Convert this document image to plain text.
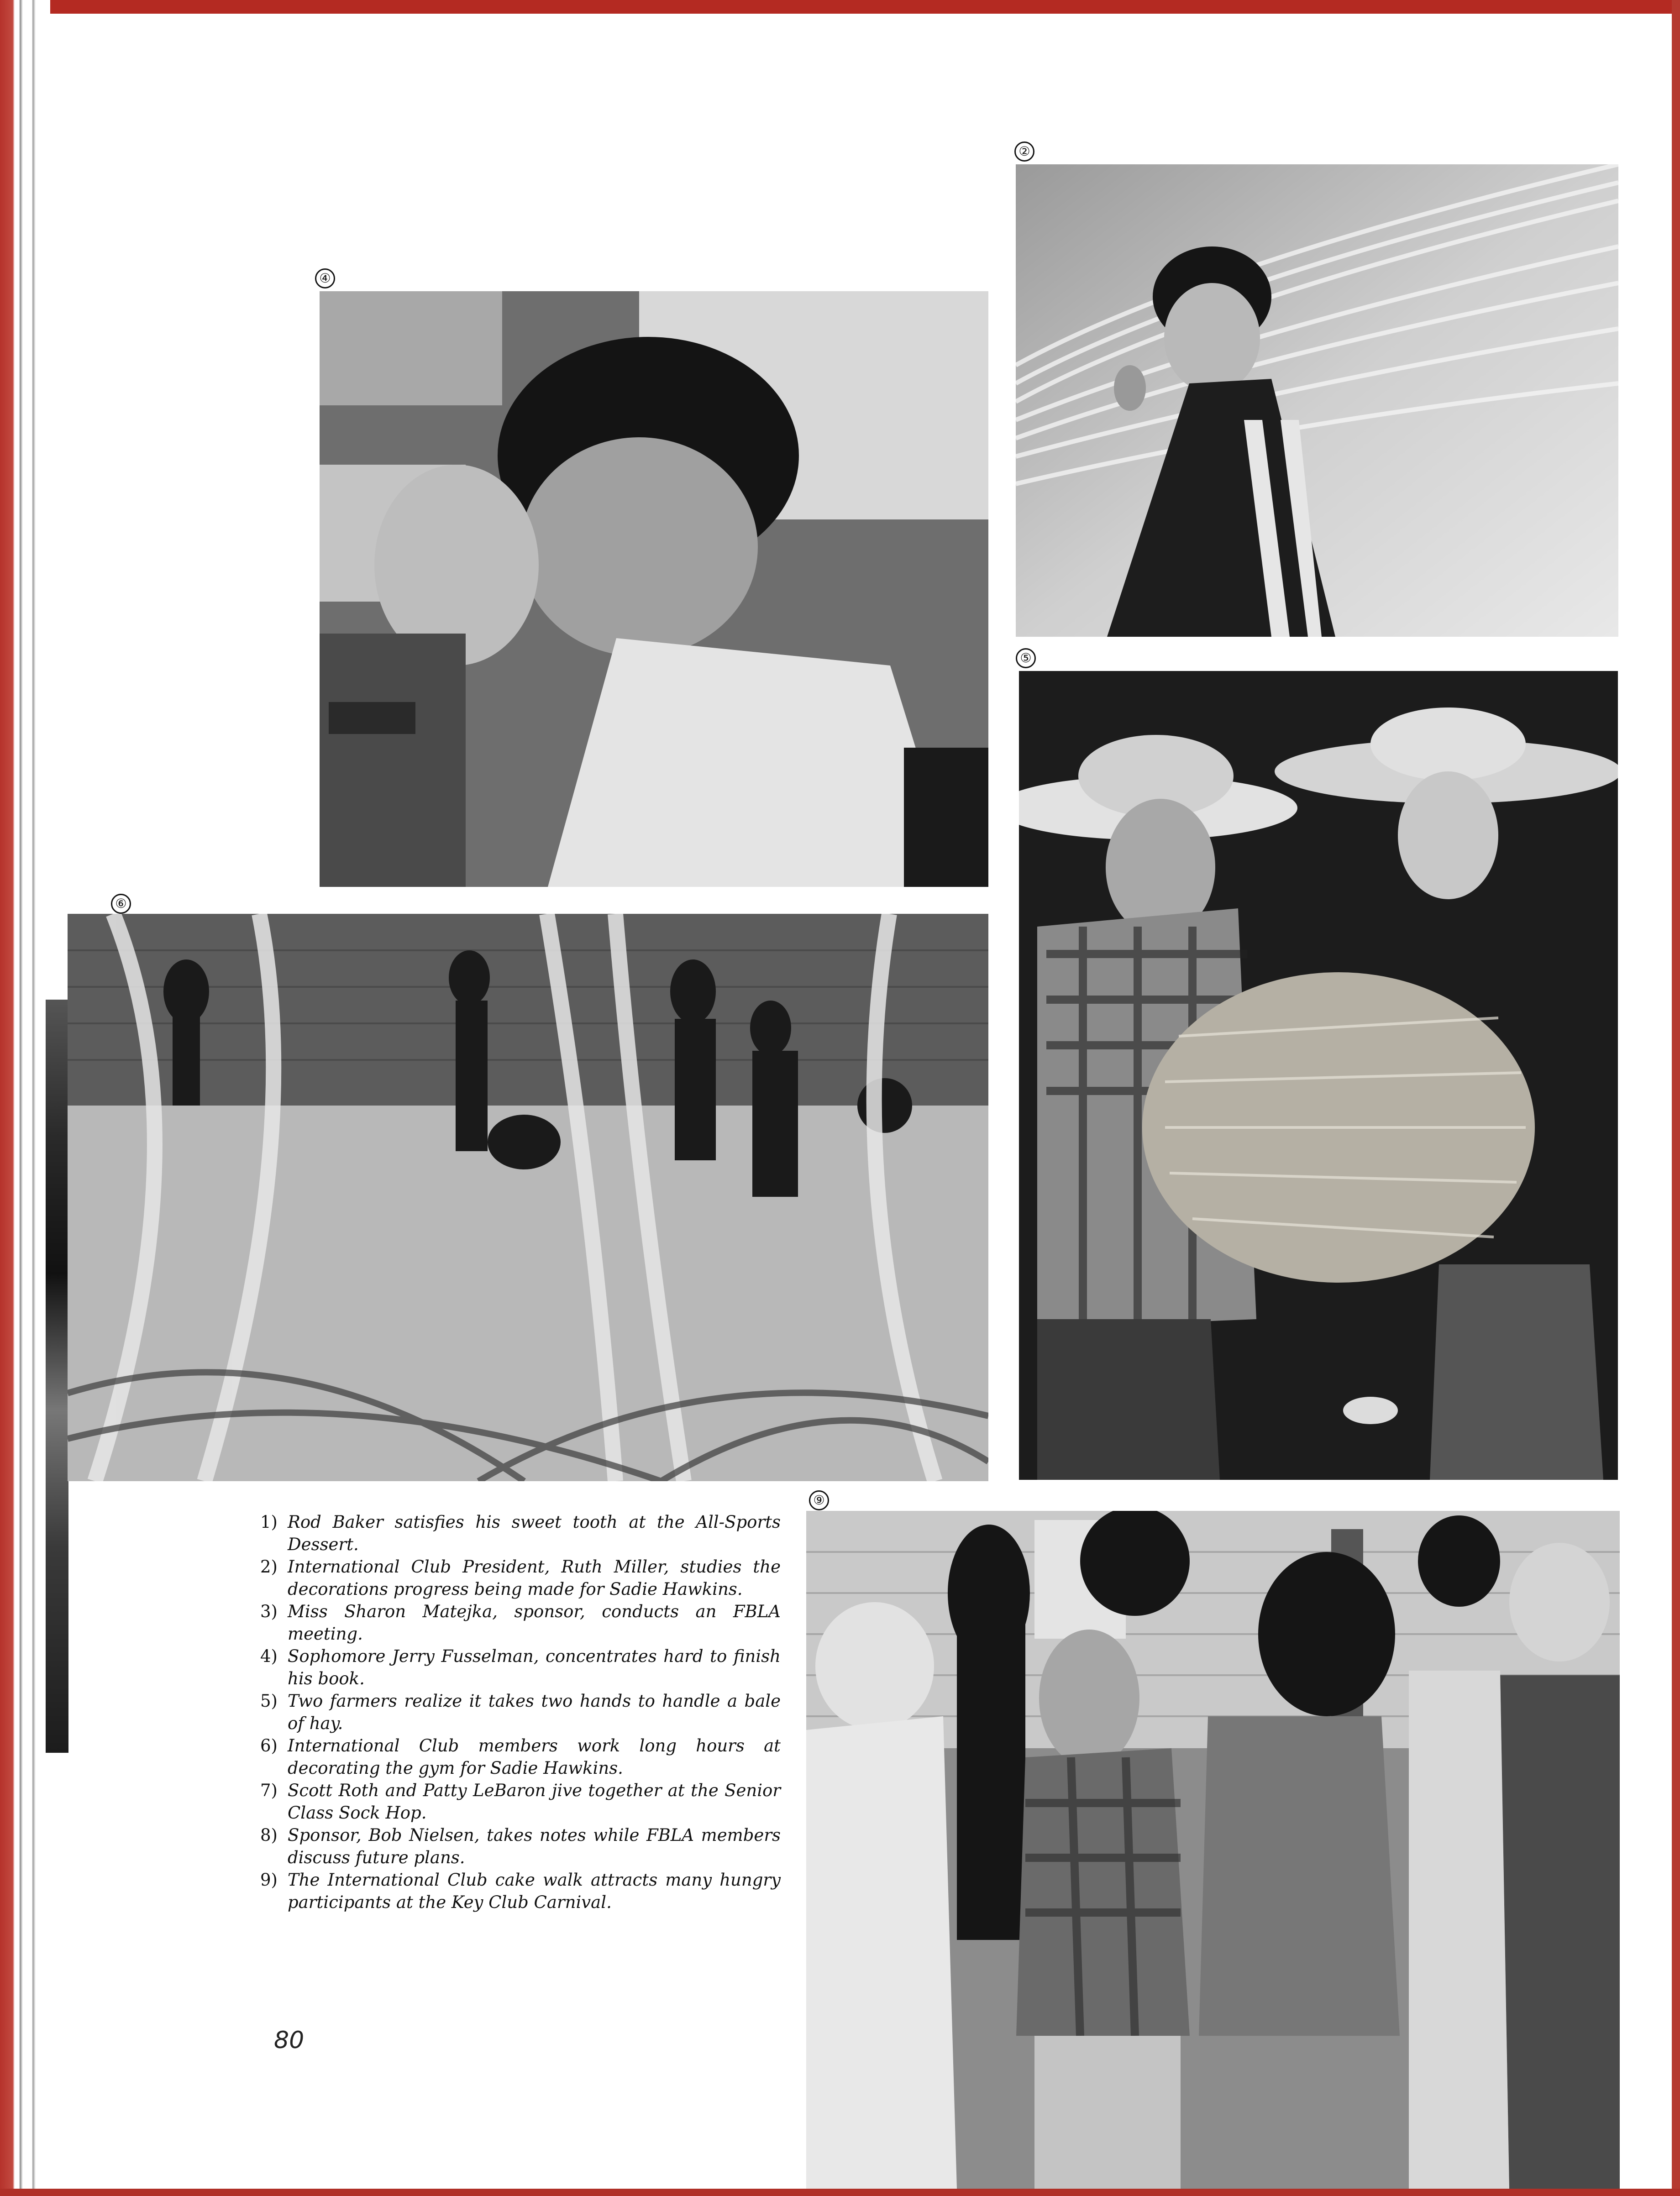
②
④
⑤
⑥
⑨
1) Rod Baker satisfies his sweet tooth at the All-Sports Dessert.
2) International Club President, Ruth Miller, studies the decorations progress being made for Sadie Hawkins.
3) Miss Sharon Matejka, sponsor, conducts an FBLA meeting.
4) Sophomore Jerry Fusselman, concentrates hard to finish his book.
5) Two farmers realize it takes two hands to handle a bale of hay.
6) International Club members work long hours at decorating the gym for Sadie Hawkins.
7) Scott Roth and Patty LeBaron jive together at the Senior Class Sock Hop.
8) Sponsor, Bob Nielsen, takes notes while FBLA members discuss future plans.
9) The International Club cake walk attracts many hungry participants at the Key Club Carnival.
80
